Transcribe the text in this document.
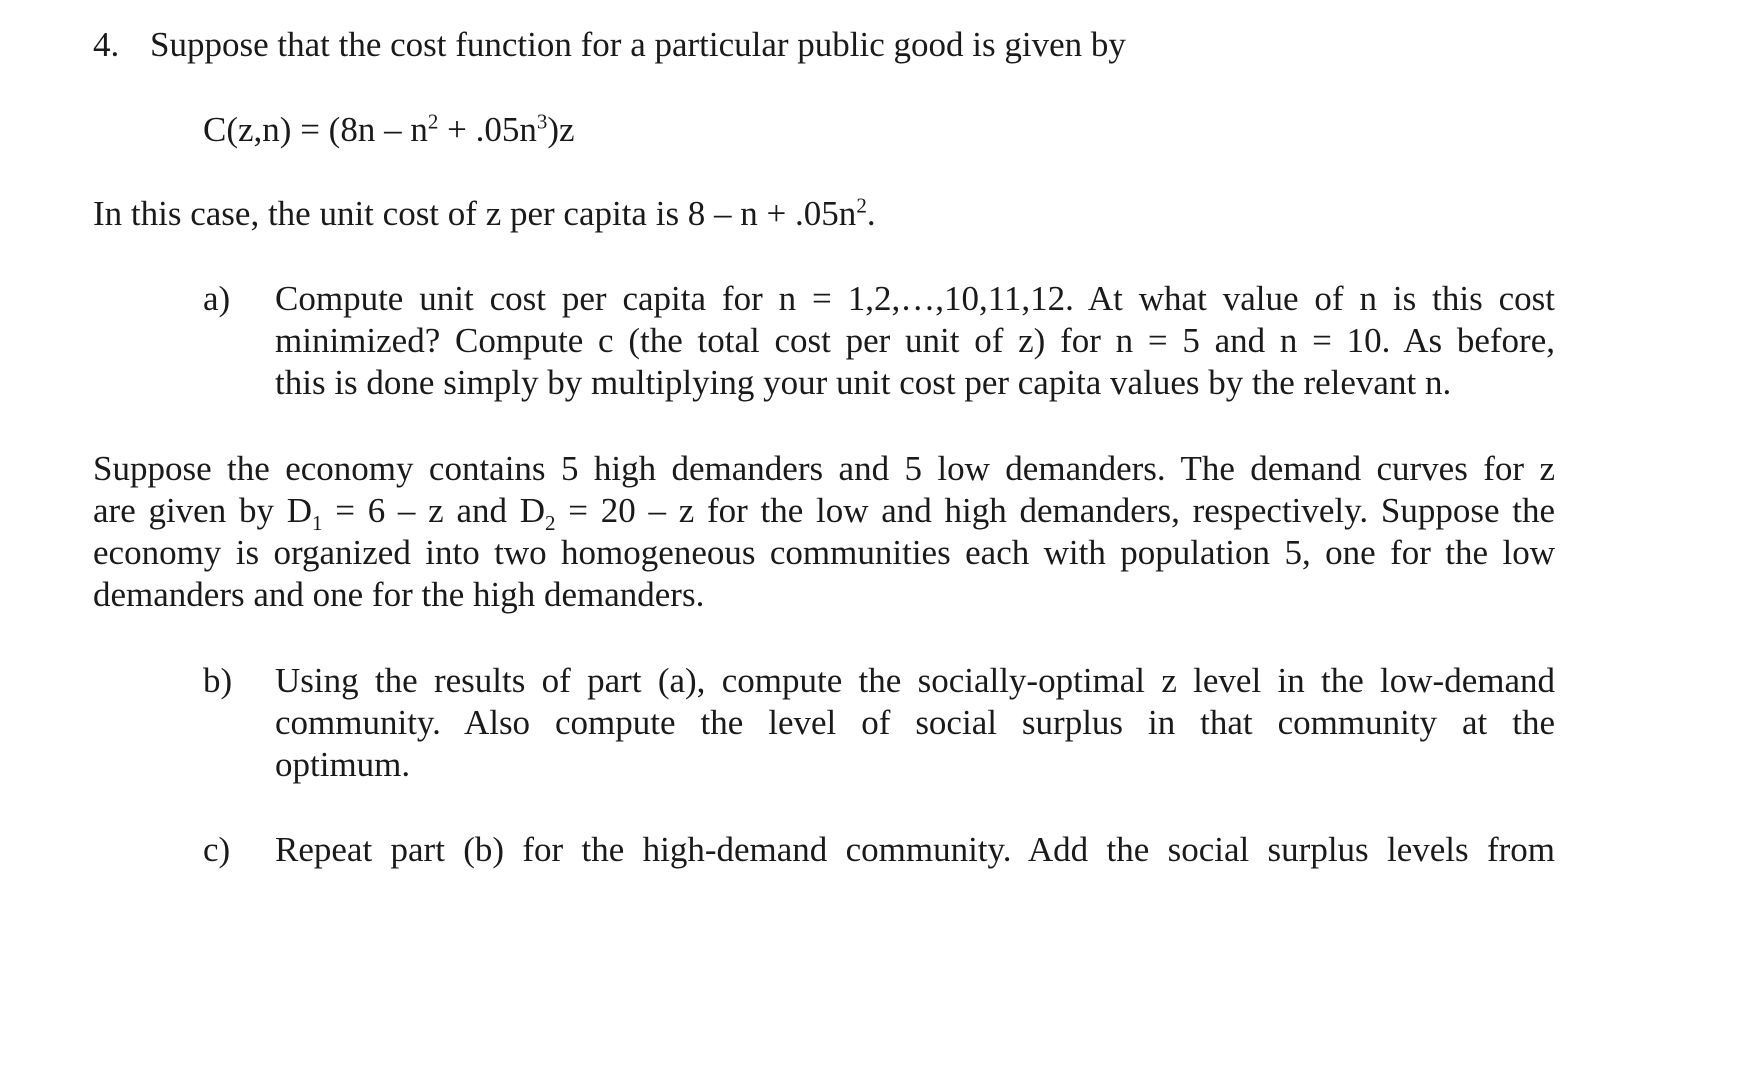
4. Suppose that the cost function for a particular public good is given by
$C(z,n) = (8n - n^2 + .05n^3)z$
In this case, the unit cost of z per capita is $8 - n + .05n^2$.
a) Compute unit cost per capita for n = 1,2,…,10,11,12. At what value of n is this cost
minimized? Compute c (the total cost per unit of z) for n = 5 and n = 10. As before,
this is done simply by multiplying your unit cost per capita values by the relevant n.
Suppose the economy contains 5 high demanders and 5 low demanders. The demand curves for z
are given by $D_1 = 6 - z$ and $D_2 = 20 - z$ for the low and high demanders, respectively. Suppose the
economy is organized into two homogeneous communities each with population 5, one for the low
demanders and one for the high demanders.
b) Using the results of part (a), compute the socially-optimal z level in the low-demand
community. Also compute the level of social surplus in that community at the
optimum.
c) Repeat part (b) for the high-demand community. Add the social surplus levels from
